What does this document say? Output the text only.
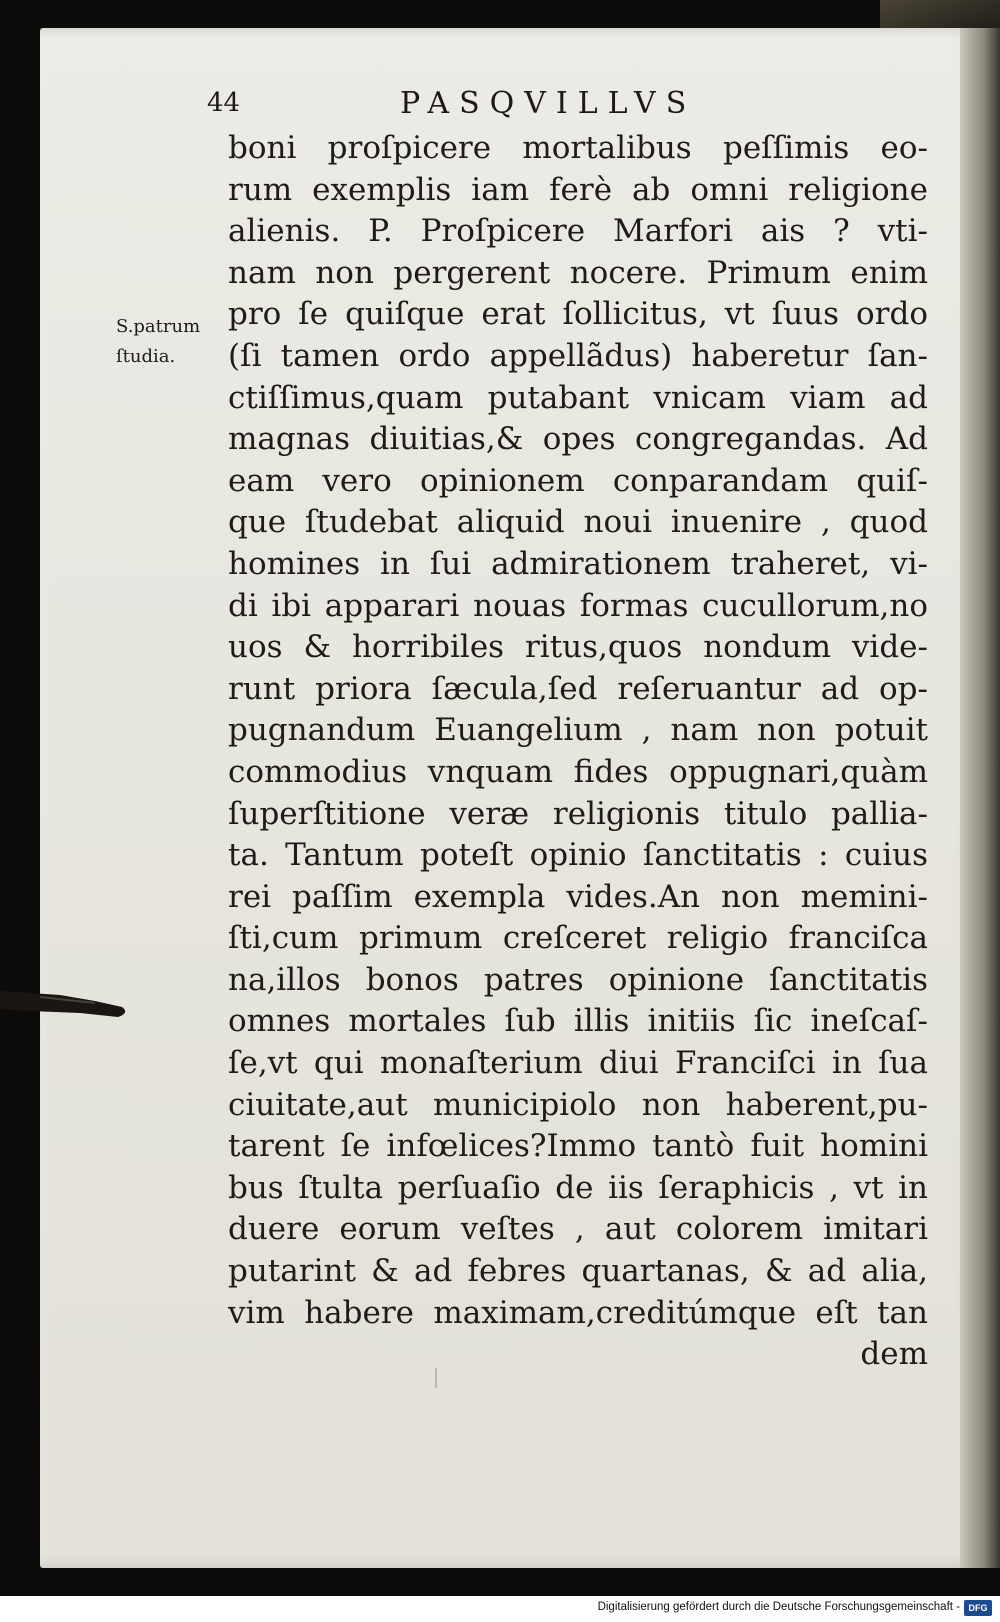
44	PASQVILLVS
S.patrum
ſtudia.
boni proſpicere mortalibus peſſimis eo-
rum exemplis iam ferè ab omni religione
alienis. P. Proſpicere Marfori ais ? vti-
nam non pergerent nocere. Primum enim
pro ſe quiſque erat ſollicitus, vt ſuus ordo
(ſi tamen ordo appellãdus) haberetur ſan-
ctiſſimus,quam putabant vnicam viam ad
magnas diuitias,& opes congregandas. Ad
eam vero opinionem conparandam quiſ-
que ſtudebat aliquid noui inuenire , quod
homines in ſui admirationem traheret, vi-
di ibi apparari nouas formas cucullorum,no
uos & horribiles ritus,quos nondum vide-
runt priora ſæcula,ſed reſeruantur ad op-
pugnandum Euangelium , nam non potuit
commodius vnquam fides oppugnari,quàm
ſuperſtitione veræ religionis titulo pallia-
ta. Tantum poteſt opinio ſanctitatis : cuius
rei paſſim exempla vides.An non memini-
ſti,cum primum creſceret religio franciſca
na,illos bonos patres opinione ſanctitatis
omnes mortales ſub illis initiis ſic ineſcaſ-
ſe,vt qui monaſterium diui Franciſci in ſua
ciuitate,aut municipiolo non haberent,pu-
tarent ſe infœlices?Immo tantò fuit homini
bus ſtulta perſuaſio de iis ſeraphicis , vt in
duere eorum veſtes , aut colorem imitari
putarint & ad febres quartanas, & ad alia,
vim habere maximam,creditúmque eſt tan
dem
Digitalisierung gefördert durch die Deutsche Forschungsgemeinschaft - DFG
